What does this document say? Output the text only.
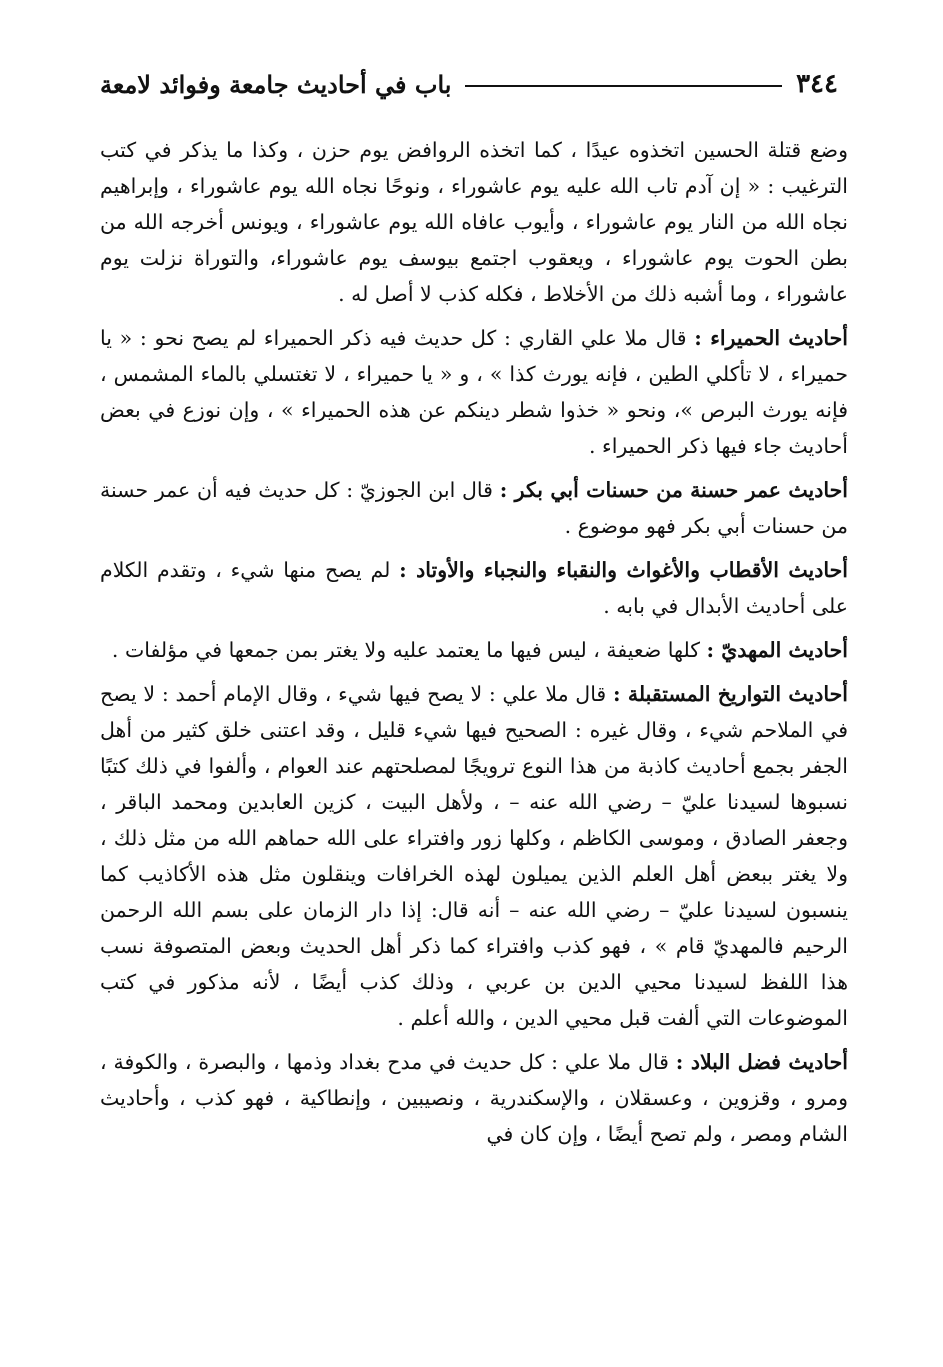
٣٤٤
باب في أحاديث جامعة وفوائد لامعة

وضع قتلة الحسين اتخذوه عيدًا ، كما اتخذه الروافض يوم حزن ، وكذا ما يذكر في كتب الترغيب : « إن آدم تاب الله عليه يوم عاشوراء ، ونوحًا نجاه الله يوم عاشوراء ، وإبراهيم نجاه الله من النار يوم عاشوراء ، وأيوب عافاه الله يوم عاشوراء ، ويونس أخرجه الله من بطن الحوت يوم عاشوراء ، ويعقوب اجتمع بيوسف يوم عاشوراء، والتوراة نزلت يوم عاشوراء ، وما أشبه ذلك من الأخلاط ، فكله كذب لا أصل له .

أحاديث الحميراء : قال ملا علي القاري : كل حديث فيه ذكر الحميراء لم يصح نحو : « يا حميراء ، لا تأكلي الطين ، فإنه يورث كذا » ، و « يا حميراء ، لا تغتسلي بالماء المشمس ، فإنه يورث البرص »، ونحو « خذوا شطر دينكم عن هذه الحميراء » ، وإن نوزع في بعض أحاديث جاء فيها ذكر الحميراء .

أحاديث عمر حسنة من حسنات أبي بكر : قال ابن الجوزيّ : كل حديث فيه أن عمر حسنة من حسنات أبي بكر فهو موضوع .

أحاديث الأقطاب والأغواث والنقباء والنجباء والأوتاد : لم يصح منها شيء ، وتقدم الكلام على أحاديث الأبدال في بابه .

أحاديث المهديّ : كلها ضعيفة ، ليس فيها ما يعتمد عليه ولا يغتر بمن جمعها في مؤلفات .

أحاديث التواريخ المستقبلة : قال ملا علي : لا يصح فيها شيء ، وقال الإمام أحمد : لا يصح في الملاحم شيء ، وقال غيره : الصحيح فيها شيء قليل ، وقد اعتنى خلق كثير من أهل الجفر بجمع أحاديث كاذبة من هذا النوع ترويجًا لمصلحتهم عند العوام ، وألفوا في ذلك كتبًا نسبوها لسيدنا عليّ – رضي الله عنه – ، ولأهل البيت ، كزين العابدين ومحمد الباقر ، وجعفر الصادق ، وموسى الكاظم ، وكلها زور وافتراء على الله حماهم الله من مثل ذلك ، ولا يغتر ببعض أهل العلم الذين يميلون لهذه الخرافات وينقلون مثل هذه الأكاذيب كما ينسبون لسيدنا عليّ – رضي الله عنه – أنه قال: إذا دار الزمان على بسم الله الرحمن الرحيم فالمهديّ قام » ، فهو كذب وافتراء كما ذكر أهل الحديث وبعض المتصوفة نسب هذا اللفظ لسيدنا محيي الدين بن عربي ، وذلك كذب أيضًا ، لأنه مذكور في كتب الموضوعات التي ألفت قبل محيي الدين ، والله أعلم .

أحاديث فضل البلاد : قال ملا علي : كل حديث في مدح بغداد وذمها ، والبصرة ، والكوفة ، ومرو ، وقزوين ، وعسقلان ، والإسكندرية ، ونصيبين ، وإنطاكية ، فهو كذب ، وأحاديث الشام ومصر ، ولم تصح أيضًا ، وإن كان في
